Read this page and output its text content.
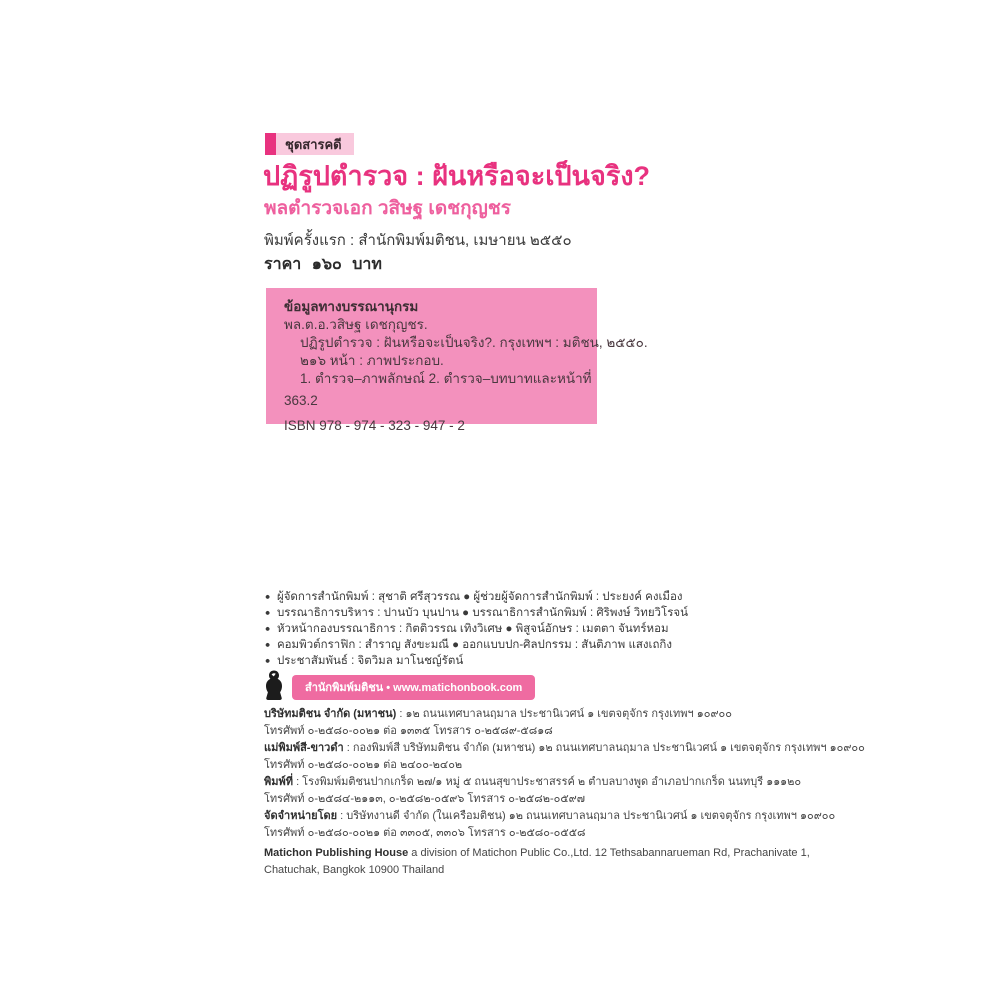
ชุดสารคดี
ปฏิรูปตำรวจ : ฝันหรือจะเป็นจริง?
พลตำรวจเอก วสิษฐ เดชกุญชร

พิมพ์ครั้งแรก : สำนักพิมพ์มติชน, เมษายน ๒๕๕๐

ราคา ๑๖๐ บาท

ข้อมูลทางบรรณานุกรม

พล.ต.อ.วสิษฐ เดชกุญชร.

ปฏิรูปตำรวจ : ฝันหรือจะเป็นจริง?. กรุงเทพฯ : มติชน, ๒๕๕๐.

๒๑๖ หน้า : ภาพประกอบ.

1. ตำรวจ–ภาพลักษณ์ 2. ตำรวจ–บทบาทและหน้าที่

363.2

ISBN 978 - 974 - 323 - 947 - 2

● ผู้จัดการสำนักพิมพ์ : สุชาติ ศรีสุวรรณ ● ผู้ช่วยผู้จัดการสำนักพิมพ์ : ประยงค์ คงเมือง

● บรรณาธิการบริหาร : ปานบัว บุนปาน ● บรรณาธิการสำนักพิมพ์ : ศิริพงษ์ วิทยวิโรจน์

● หัวหน้ากองบรรณาธิการ : กิตติวรรณ เทิงวิเศษ ● พิสูจน์อักษร : เมตตา จันทร์หอม

● คอมพิวต์กราฟิก : สำราญ สังขะมณี ● ออกแบบปก-ศิลปกรรม : สันติภาพ แสงเถกิง

● ประชาสัมพันธ์ : จิตวิมล มาโนชญ์รัตน์

สำนักพิมพ์มติชน • www.matichonbook.com

บริษัทมติชน จำกัด (มหาชน) : ๑๒ ถนนเทศบาลนฤมาล ประชานิเวศน์ ๑ เขตจตุจักร กรุงเทพฯ ๑๐๙๐๐

โทรศัพท์ ๐-๒๕๘๐-๐๐๒๑ ต่อ ๑๓๓๕ โทรสาร ๐-๒๕๘๙-๕๘๑๘

แม่พิมพ์สี-ขาวดำ : กองพิมพ์สี บริษัทมติชน จำกัด (มหาชน) ๑๒ ถนนเทศบาลนฤมาล ประชานิเวศน์ ๑ เขตจตุจักร กรุงเทพฯ ๑๐๙๐๐

โทรศัพท์ ๐-๒๕๘๐-๐๐๒๑ ต่อ ๒๔๐๐-๒๔๐๒

พิมพ์ที่ : โรงพิมพ์มติชนปากเกร็ด ๒๗/๑ หมู่ ๕ ถนนสุขาประชาสรรค์ ๒ ตำบลบางพูด อำเภอปากเกร็ด นนทบุรี ๑๑๑๒๐

โทรศัพท์ ๐-๒๕๘๔-๒๑๑๓, ๐-๒๕๘๒-๐๕๙๖ โทรสาร ๐-๒๕๘๒-๐๕๙๗

จัดจำหน่ายโดย : บริษัทงานดี จำกัด (ในเครือมติชน) ๑๒ ถนนเทศบาลนฤมาล ประชานิเวศน์ ๑ เขตจตุจักร กรุงเทพฯ ๑๐๙๐๐

โทรศัพท์ ๐-๒๕๘๐-๐๐๒๑ ต่อ ๓๓๐๕, ๓๓๐๖ โทรสาร ๐-๒๕๘๐-๐๕๕๘

Matichon Publishing House a division of Matichon Public Co.,Ltd. 12 Tethsabannarueman Rd, Prachanivate 1,

Chatuchak, Bangkok 10900 Thailand
